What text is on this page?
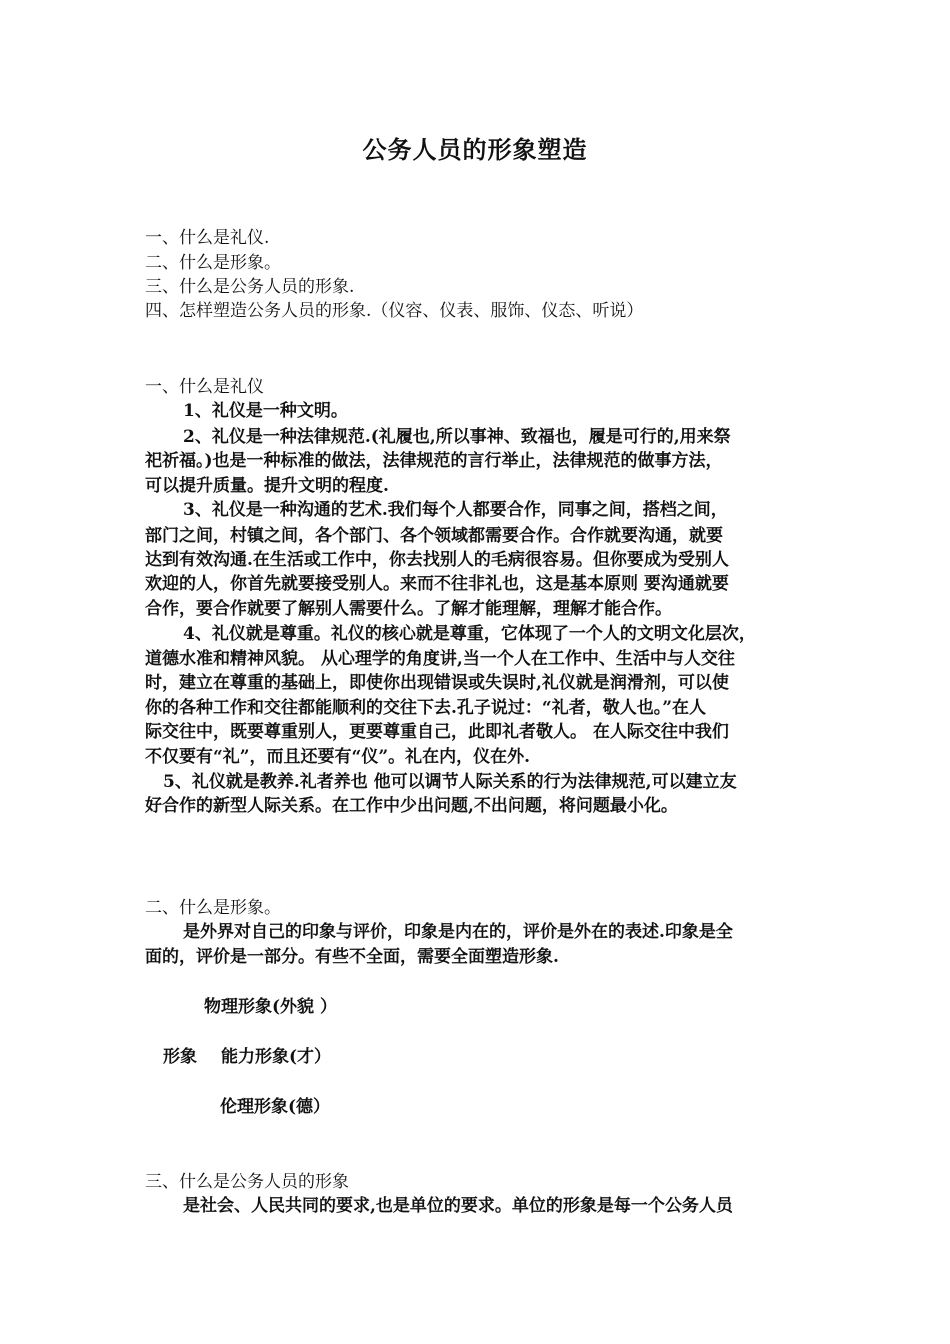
公务人员的形象塑造
一、什么是礼仪.
二、什么是形象。
三、什么是公务人员的形象.
四、怎样塑造公务人员的形象.（仪容、仪表、服饰、仪态、听说）
一、什么是礼仪
1、礼仪是一种文明。
2、礼仪是一种法律规范.(礼履也,所以事神、致福也，履是可行的,用来祭
祀祈福。)也是一种标准的做法，法律规范的言行举止，法律规范的做事方法，
可以提升质量。提升文明的程度.
3、礼仪是一种沟通的艺术.我们每个人都要合作，同事之间，搭档之间，
部门之间，村镇之间，各个部门、各个领域都需要合作。合作就要沟通，就要
达到有效沟通.在生活或工作中，你去找别人的毛病很容易。但你要成为受别人
欢迎的人，你首先就要接受别人。来而不往非礼也，这是基本原则 要沟通就要
合作，要合作就要了解别人需要什么。了解才能理解，理解才能合作。
4、礼仪就是尊重。礼仪的核心就是尊重，它体现了一个人的文明文化层次，
道德水准和精神风貌。 从心理学的角度讲,当一个人在工作中、生活中与人交往
时，建立在尊重的基础上，即使你出现错误或失误时,礼仪就是润滑剂，可以使
你的各种工作和交往都能顺利的交往下去.孔子说过：“礼者，敬人也。”在人
际交往中，既要尊重别人，更要尊重自己，此即礼者敬人。 在人际交往中我们
不仅要有“礼”，而且还要有“仪”。礼在内，仪在外.
5、礼仪就是教养.礼者养也 他可以调节人际关系的行为法律规范,可以建立友
好合作的新型人际关系。在工作中少出问题,不出问题，将问题最小化。
二、什么是形象。
是外界对自己的印象与评价，印象是内在的，评价是外在的表述.印象是全
面的，评价是一部分。有些不全面，需要全面塑造形象.
物理形象(外貌 ）
形象 能力形象(才）
伦理形象(德）
三、什么是公务人员的形象
是社会、人民共同的要求,也是单位的要求。单位的形象是每一个公务人员
